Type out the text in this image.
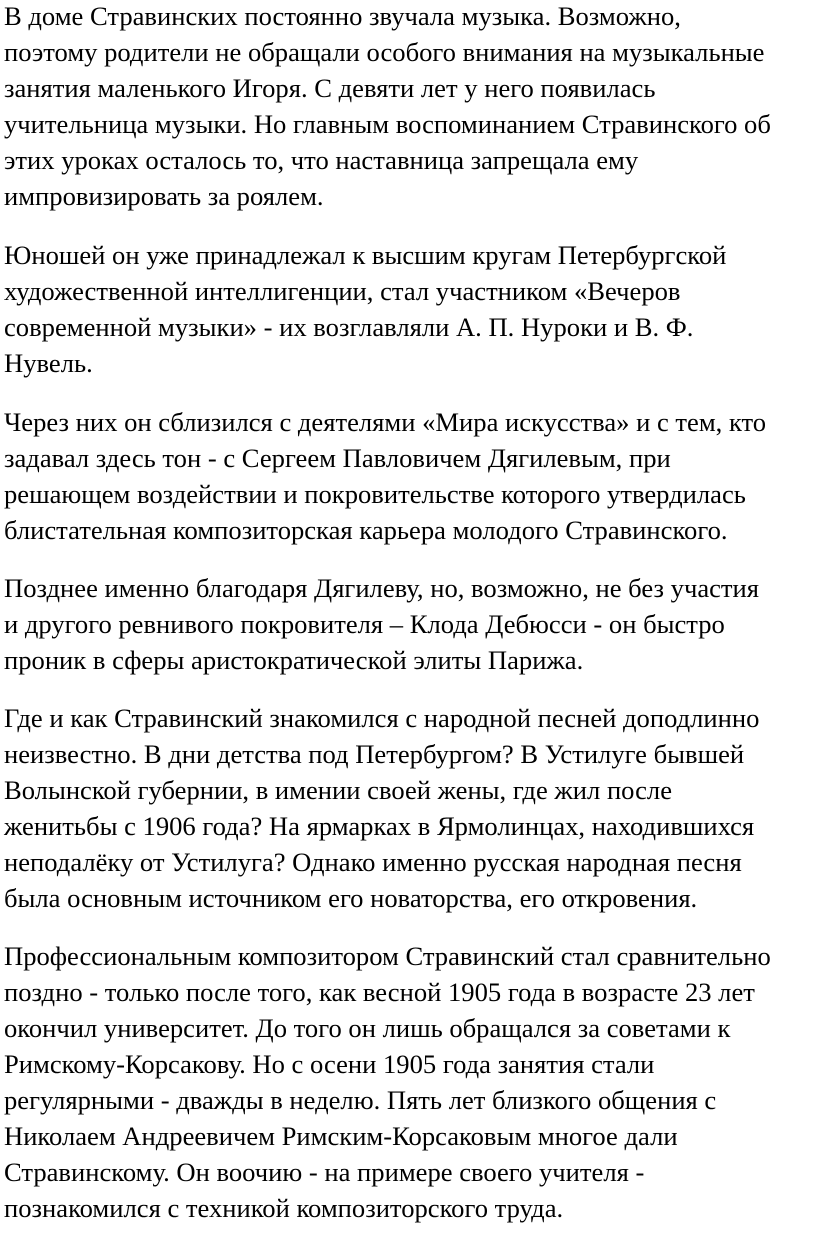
В доме Стравинских постоянно звучала музыка. Возможно,
поэтому родители не обращали особого внимания на музыкальные
занятия маленького Игоря. С девяти лет у него появилась
учительница музыки. Но главным воспоминанием Стравинского об
этих уроках осталось то, что наставница запрещала ему
импровизировать за роялем.

Юношей он уже принадлежал к высшим кругам Петербургской
художественной интеллигенции, стал участником «Вечеров
современной музыки» - их возглавляли А. П. Нуроки и В. Ф.
Нувель.

Через них он сблизился с деятелями «Мира искусства» и с тем, кто
задавал здесь тон - с Сергеем Павловичем Дягилевым, при
решающем воздействии и покровительстве которого утвердилась
блистательная композиторская карьера молодого Стравинского.

Позднее именно благодаря Дягилеву, но, возможно, не без участия
и другого ревнивого покровителя – Клода Дебюсси - он быстро
проник в сферы аристократической элиты Парижа.

Где и как Стравинский знакомился с народной песней доподлинно
неизвестно. В дни детства под Петербургом? В Устилуге бывшей
Волынской губернии, в имении своей жены, где жил после
женитьбы с 1906 года? На ярмарках в Ярмолинцах, находившихся
неподалёку от Устилуга? Однако именно русская народная песня
была основным источником его новаторства, его откровения.

Профессиональным композитором Стравинский стал сравнительно
поздно - только после того, как весной 1905 года в возрасте 23 лет
окончил университет. До того он лишь обращался за советами к
Римскому-Корсакову. Но с осени 1905 года занятия стали
регулярными - дважды в неделю. Пять лет близкого общения с
Николаем Андреевичем Римским-Корсаковым многое дали
Стравинскому. Он воочию - на примере своего учителя -
познакомился с техникой композиторского труда.
